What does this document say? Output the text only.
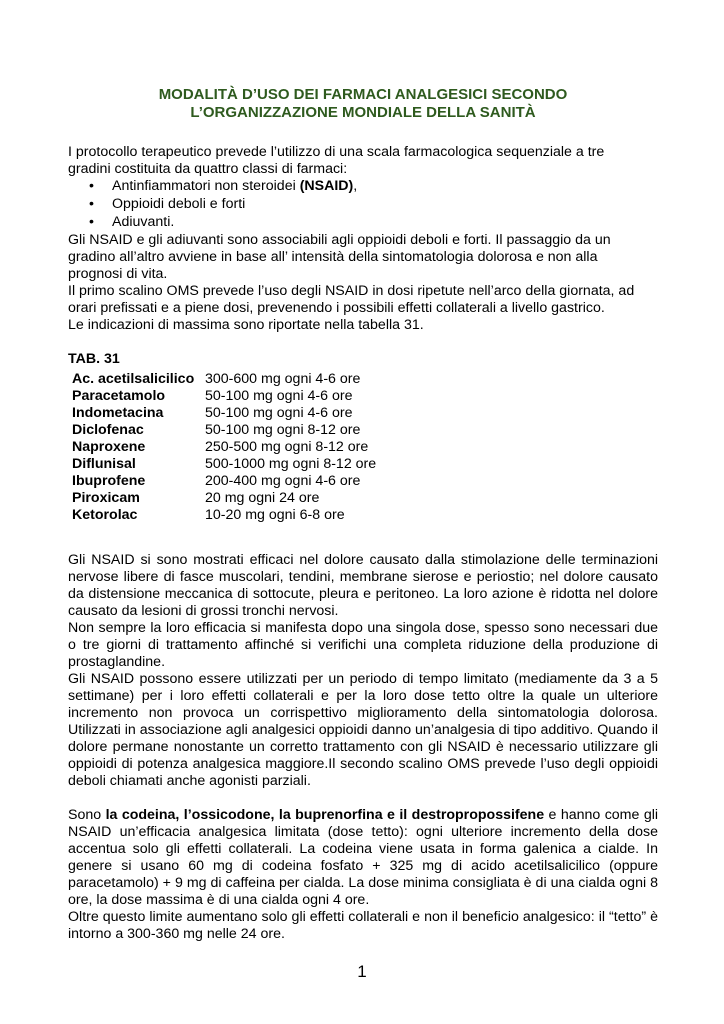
MODALITÀ D’USO DEI FARMACI ANALGESICI SECONDO
L’ORGANIZZAZIONE MONDIALE DELLA SANITÀ

I protocollo terapeutico prevede l’utilizzo di una scala farmacologica sequenziale a tre
gradini costituita da quattro classi di farmaci:

• Antinfiammatori non steroidei (NSAID),
• Oppioidi deboli e forti
• Adiuvanti.

Gli NSAID e gli adiuvanti sono associabili agli oppioidi deboli e forti. Il passaggio da un
gradino all’altro avviene in base all’ intensità della sintomatologia dolorosa e non alla
prognosi di vita.
Il primo scalino OMS prevede l’uso degli NSAID in dosi ripetute nell’arco della giornata, ad
orari prefissati e a piene dosi, prevenendo i possibili effetti collaterali a livello gastrico.
Le indicazioni di massima sono riportate nella tabella 31.

TAB. 31
Ac. acetilsalicilico	300-600 mg ogni 4-6 ore
Paracetamolo	50-100 mg ogni 4-6 ore
Indometacina	50-100 mg ogni 4-6 ore
Diclofenac	50-100 mg ogni 8-12 ore
Naproxene	250-500 mg ogni 8-12 ore
Diflunisal	500-1000 mg ogni 8-12 ore
Ibuprofene	200-400 mg ogni 4-6 ore
Piroxicam	20 mg ogni 24 ore
Ketorolac	10-20 mg ogni 6-8 ore

Gli NSAID si sono mostrati efficaci nel dolore causato dalla stimolazione delle terminazioni nervose libere di fasce muscolari, tendini, membrane sierose e periostio; nel dolore causato da distensione meccanica di sottocute, pleura e peritoneo. La loro azione è ridotta nel dolore causato da lesioni di grossi tronchi nervosi.

Non sempre la loro efficacia si manifesta dopo una singola dose, spesso sono necessari due o tre giorni di trattamento affinché si verifichi una completa riduzione della produzione di prostaglandine.

Gli NSAID possono essere utilizzati per un periodo di tempo limitato (mediamente da 3 a 5 settimane) per i loro effetti collaterali e per la loro dose tetto oltre la quale un ulteriore incremento non provoca un corrispettivo miglioramento della sintomatologia dolorosa. Utilizzati in associazione agli analgesici oppioidi danno un’analgesia di tipo additivo. Quando il dolore permane nonostante un corretto trattamento con gli NSAID è necessario utilizzare gli oppioidi di potenza analgesica maggiore.Il secondo scalino OMS prevede l’uso degli oppioidi deboli chiamati anche agonisti parziali.

Sono la codeina, l’ossicodone, la buprenorfina e il destropropossifene e hanno come gli NSAID un’efficacia analgesica limitata (dose tetto): ogni ulteriore incremento della dose accentua solo gli effetti collaterali. La codeina viene usata in forma galenica a cialde. In genere si usano 60 mg di codeina fosfato + 325 mg di acido acetilsalicilico (oppure paracetamolo) + 9 mg di caffeina per cialda. La dose minima consigliata è di una cialda ogni 8 ore, la dose massima è di una cialda ogni 4 ore.

Oltre questo limite aumentano solo gli effetti collaterali e non il beneficio analgesico: il “tetto” è intorno a 300-360 mg nelle 24 ore.

1
